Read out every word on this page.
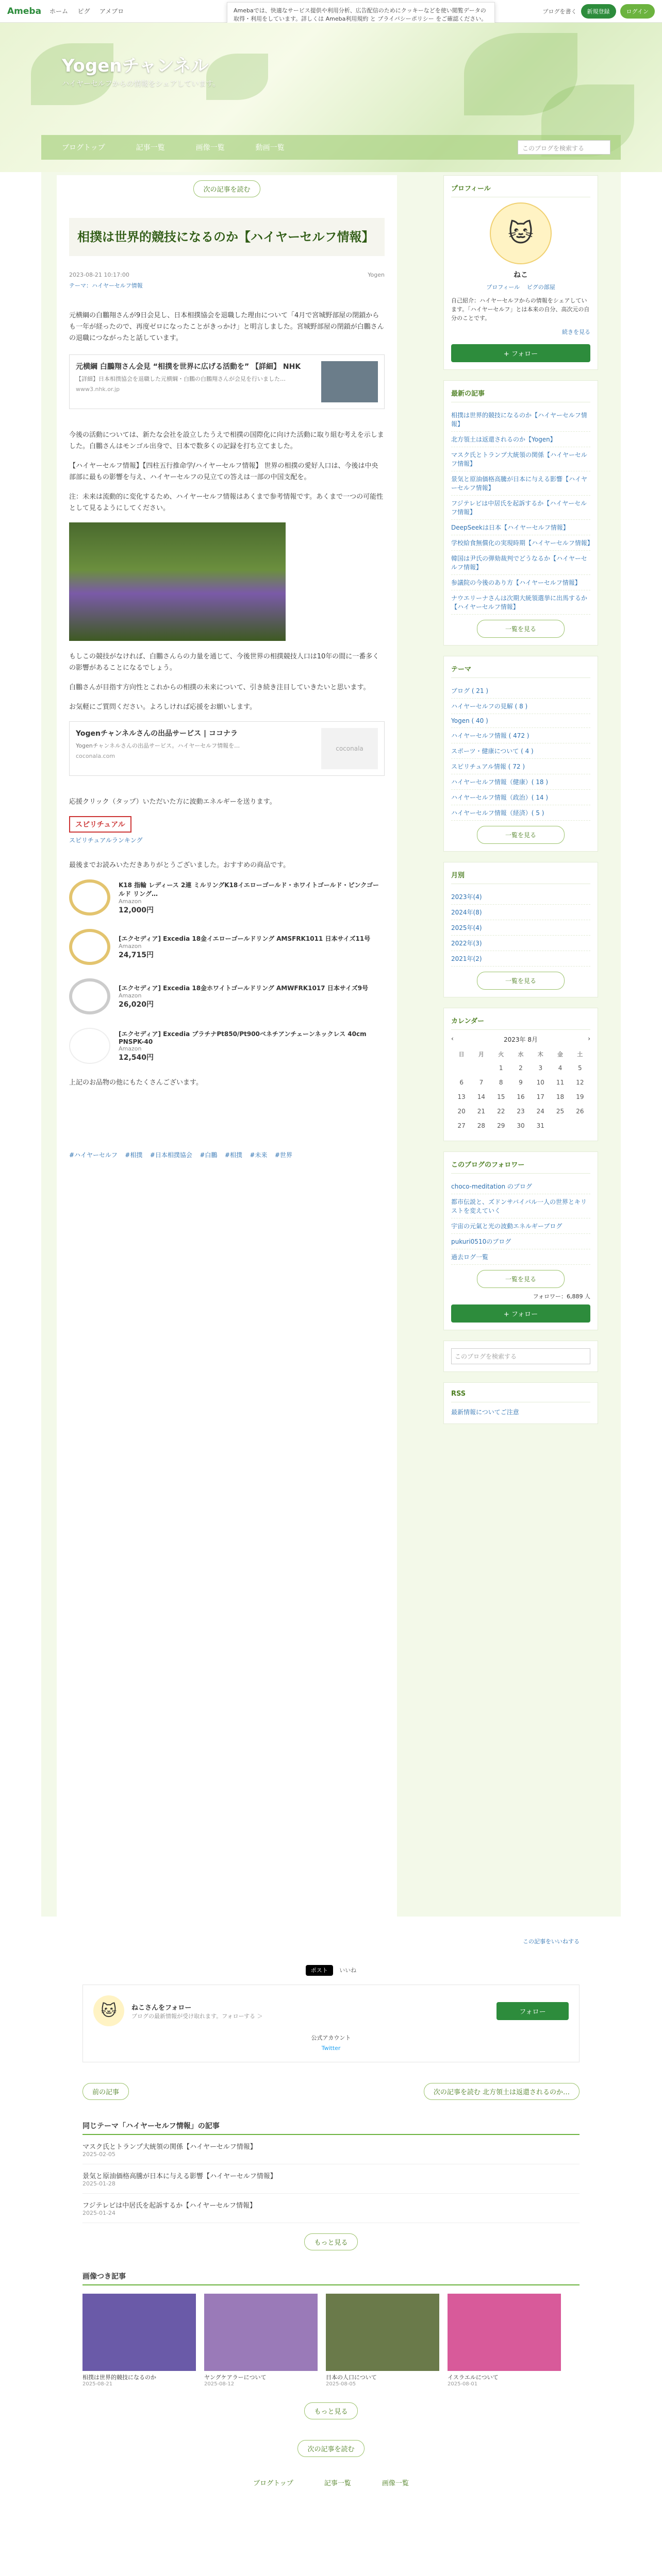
Ameba ホーム ピグ アメブロ	ブログを書く	新規登録	ログイン
Amebaでは、快適なサービス提供や利用分析、広告配信のためにクッキーなどを使い閲覧データの取得・利用をしています。詳しくは Ameba利用規約 と プライバシーポリシー をご確認ください。
Yogenチャンネル
ハイヤーセルフからの情報をシェアしています。
ブログトップ	記事一覧	画像一覧	動画一覧	このブログを検索する
次の記事を読む
相撲は世界的競技になるのか【ハイヤーセルフ情報】
2023-08-21 10:17:00	Yogen
テーマ：ハイヤーセルフ情報

元横綱の白鵬翔さんが9日会見し、日本相撲協会を退職した理由について「4月で宮城野部屋の閉鎖からも一年が経ったので、再度ゼロになったことがきっかけ」と明言しました。宮城野部屋の閉鎖が白鵬さんの退職につながったと話しています。

元横綱 白鵬翔さん会見 “相撲を世界に広げる活動を” 【詳細】 NHK
【詳細】日本相撲協会を退職した元横綱・白鵬の白鵬翔さんが会見を行いました…
www3.nhk.or.jp

今後の活動については、新たな会社を設立したうえで相撲の国際化に向けた活動に取り組む考えを示しました。白鵬さんはモンゴル出身で、日本で数多くの記録を打ち立てました。

【ハイヤーセルフ情報】【四柱五行推命学/ハイヤーセルフ情報】 世界の相撲の愛好人口は、今後は中央部部に最もの影響を与え、ハイヤーセルフの見立ての答えは一部の中国支配を。

注：未来は流動的に変化するため、ハイヤーセルフ情報はあくまで参考情報です。あくまで一つの可能性として見るようにしてください。

もしこの競技がなければ、白鵬さんらの力量を通じて、今後世界の相撲競技人口は10年の間に一番多くの影響があることになるでしょう。

白鵬さんが目指す方向性とこれからの相撲の未来について、引き続き注目していきたいと思います。

お気軽にご質問ください。よろしければ応援をお願いします。

Yogenチャンネルさんの出品サービス | ココナラ
Yogenチャンネルさんの出品サービス。ハイヤーセルフ情報を…
coconala.com
coconala

応援クリック（タップ）いただいた方に波動エネルギーを送ります。

スピリチュアル
スピリチュアルランキング

最後までお読みいただきありがとうございました。おすすめの商品です。

K18 指輪 レディース 2連 ミルリングK18イエローゴールド・ホワイトゴールド・ピンクゴールド リング…
Amazon
12,000円
[エクセディア] Excedia 18金イエローゴールドリング AMSFRK1011 日本サイズ11号
Amazon
24,715円
[エクセディア] Excedia 18金ホワイトゴールドリング AMWFRK1017 日本サイズ9号
Amazon
26,020円
[エクセディア] Excedia プラチナPt850/Pt900ベネチアンチェーンネックレス 40cm PNSPK-40
Amazon
12,540円

上記のお品物の他にもたくさんございます。

#ハイヤーセルフ #相撲 #日本相撲協会 #白鵬 #相撲 #未来 #世界
プロフィール
🐱
ねこ
プロフィール ピグの部屋
自己紹介：ハイヤーセルフからの情報をシェアしています。「ハイヤーセルフ」とは本来の自分、高次元の自分のことです。
続きを見る
+ フォロー
最新の記事
相撲は世界的競技になるのか【ハイヤーセルフ情報】
北方領土は返還されるのか【Yogen】
マスク氏とトランプ大統領の関係【ハイヤーセルフ情報】
景気と原油価格高騰が日本に与える影響【ハイヤーセルフ情報】
フジテレビは中居氏を起訴するか【ハイヤーセルフ情報】
DeepSeekは日本【ハイヤーセルフ情報】
学校給食無償化の実現時期【ハイヤーセルフ情報】
韓国は尹氏の弾劾裁判でどうなるか【ハイヤーセルフ情報】
参議院の今後のあり方【ハイヤーセルフ情報】
ナウエリーナさんは次期大統領選挙に出馬するか【ハイヤーセルフ情報】
一覧を見る
テーマ
ブログ ( 21 )
ハイヤーセルフの見解 ( 8 )
Yogen ( 40 )
ハイヤーセルフ情報 ( 472 )
スポーツ・健康について ( 4 )
スピリチュアル情報 ( 72 )
ハイヤーセルフ情報（健康）( 18 )
ハイヤーセルフ情報（政治）( 14 )
ハイヤーセルフ情報（経済）( 5 )
一覧を見る
月別
2023年(4)
2024年(8)
2025年(4)
2022年(3)
2021年(2)
一覧を見る
カレンダー
‹	2023年 8月	›
日	月	火	水	木	金	土
		1	2	3	4	5
6	7	8	9	10	11	12
13	14	15	16	17	18	19
20	21	22	23	24	25	26
27	28	29	30	31		
このブログのフォロワー
choco-meditation のブログ
都市伝説と、ズドンサバイバル一人の世界とキリストを変えていく
宇宙の元氣と光の波動エネルギーブログ
pukuri0510のブログ
過去ログ一覧
一覧を見る
フォロワー：6,889 人
+ フォロー
このブログを検索する
RSS
最新情報についてご注意
この記事をいいねする
ポスト いいね
🐱	ねこさんをフォロー
ブログの最新情報が受け取れます。フォローする ＞
フォロー
公式アカウント
Twitter
前の記事	次の記事を読む 北方領土は返還されるのか…
同じテーマ「ハイヤーセルフ情報」の記事
マスク氏とトランプ大統領の関係【ハイヤーセルフ情報】
2025-02-05
景気と原油価格高騰が日本に与える影響【ハイヤーセルフ情報】
2025-01-28
フジテレビは中居氏を起訴するか【ハイヤーセルフ情報】
2025-01-24
もっと見る
画像つき記事
相撲は世界的競技になるのか
2025-08-21
ヤングケアラーについて
2025-08-12
日本の人口について
2025-08-05
イスラエルについて
2025-08-01
もっと見る
次の記事を読む
ブログトップ	記事一覧	画像一覧
